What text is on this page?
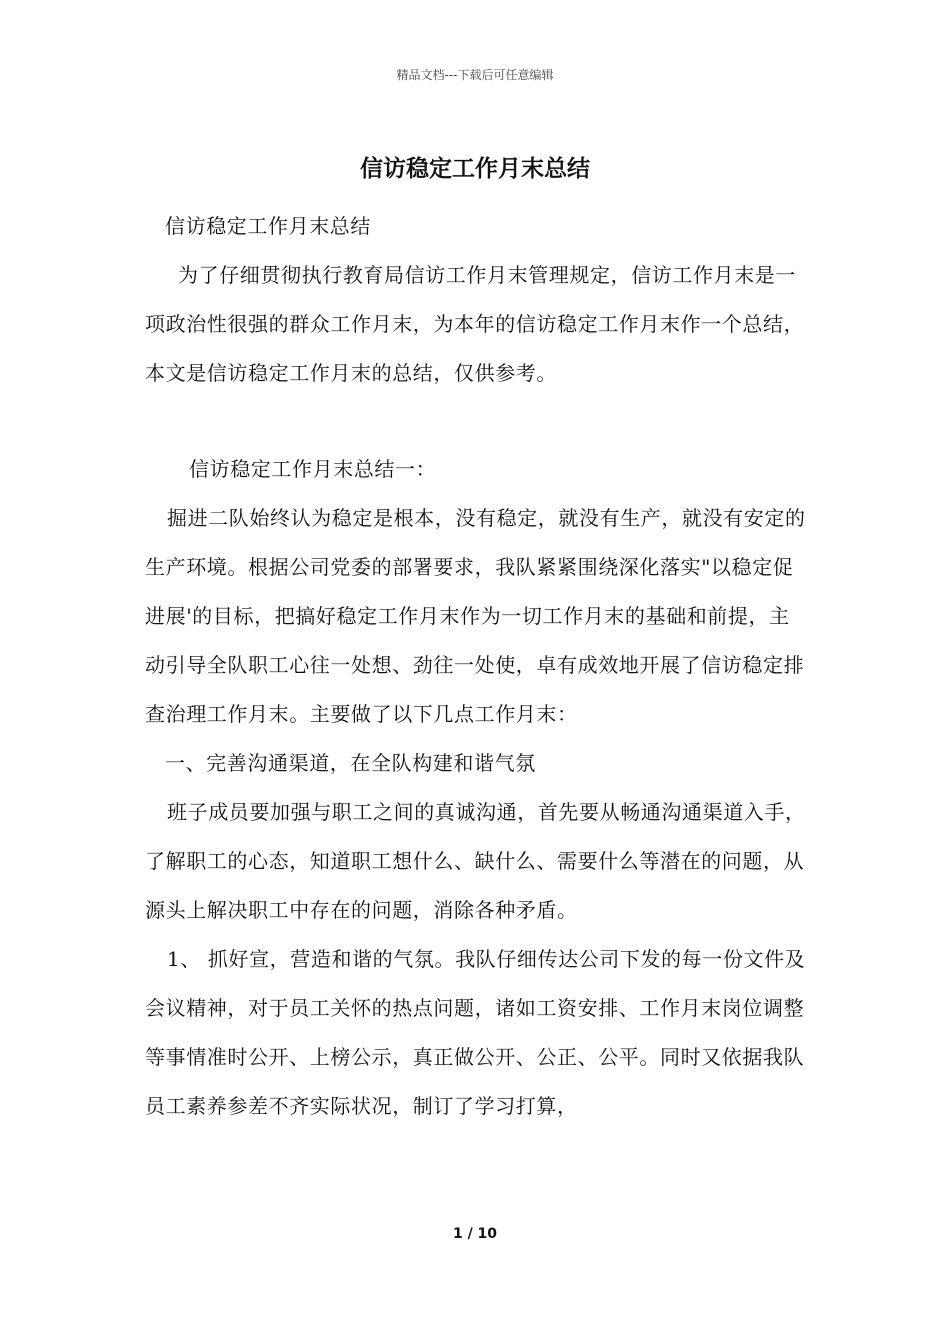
精品文档---下载后可任意编辑
信访稳定工作月末总结

信访稳定工作月末总结

为了仔细贯彻执行教育局信访工作月末管理规定，信访工作月末是一项政治性很强的群众工作月末，为本年的信访稳定工作月末作一个总结，本文是信访稳定工作月末的总结，仅供参考。

信访稳定工作月末总结一：

掘进二队始终认为稳定是根本，没有稳定，就没有生产，就没有安定的生产环境。根据公司党委的部署要求，我队紧紧围绕深化落实"以稳定促进展'的目标，把搞好稳定工作月末作为一切工作月末的基础和前提，主动引导全队职工心往一处想、劲往一处使，卓有成效地开展了信访稳定排查治理工作月末。主要做了以下几点工作月末：

一、完善沟通渠道，在全队构建和谐气氛

班子成员要加强与职工之间的真诚沟通，首先要从畅通沟通渠道入手，了解职工的心态，知道职工想什么、缺什么、需要什么等潜在的问题，从源头上解决职工中存在的问题，消除各种矛盾。

1、 抓好宣，营造和谐的气氛。我队仔细传达公司下发的每一份文件及会议精神，对于员工关怀的热点问题，诸如工资安排、工作月末岗位调整等事情准时公开、上榜公示，真正做公开、公正、公平。同时又依据我队员工素养参差不齐实际状况，制订了学习打算，

1 / 10
